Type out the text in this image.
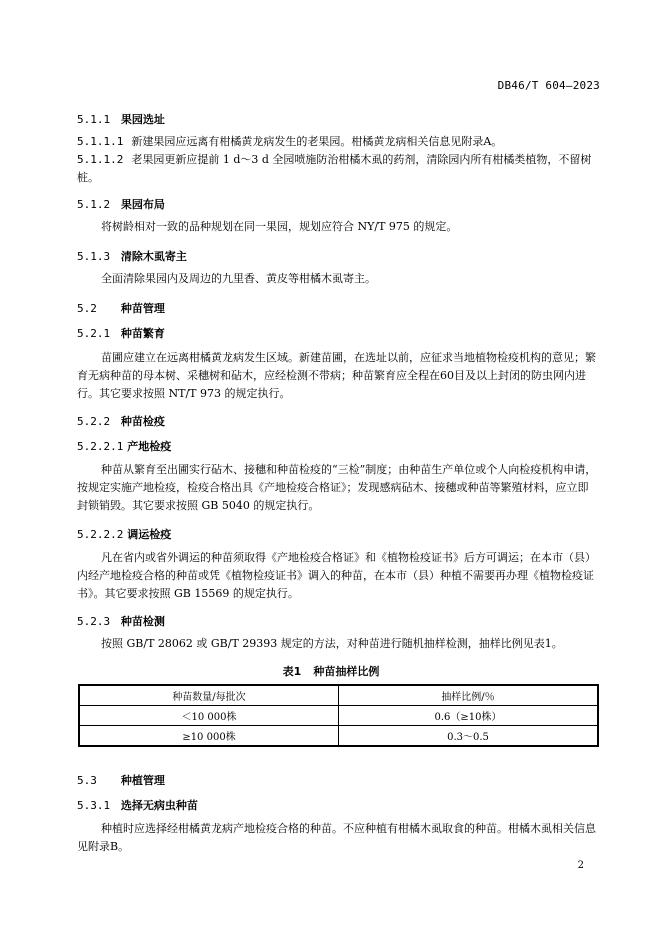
DB46/T 604—2023
5.1.1 果园选址
5.1.1.1 新建果园应远离有柑橘黄龙病发生的老果园。柑橘黄龙病相关信息见附录A。
5.1.1.2 老果园更新应提前 1 d～3 d 全园喷施防治柑橘木虱的药剂，清除园内所有柑橘类植物，不留树桩。
5.1.2 果园布局
将树龄相对一致的品种规划在同一果园，规划应符合 NY/T 975 的规定。
5.1.3 清除木虱寄主
全面清除果园内及周边的九里香、黄皮等柑橘木虱寄主。
5.2 种苗管理
5.2.1 种苗繁育
苗圃应建立在远离柑橘黄龙病发生区域。新建苗圃，在选址以前，应征求当地植物检疫机构的意见；繁育无病种苗的母本树、采穗树和砧木，应经检测不带病；种苗繁育应全程在60目及以上封闭的防虫网内进行。其它要求按照 NT/T 973 的规定执行。
5.2.2 种苗检疫
5.2.2.1 产地检疫
种苗从繁育至出圃实行砧木、接穗和种苗检疫的“三检”制度；由种苗生产单位或个人向检疫机构申请，按规定实施产地检疫，检疫合格出具《产地检疫合格证》；发现感病砧木、接穗或种苗等繁殖材料，应立即封锁销毁。其它要求按照 GB 5040 的规定执行。
5.2.2.2 调运检疫
凡在省内或省外调运的种苗须取得《产地检疫合格证》和《植物检疫证书》后方可调运；在本市（县）内经产地检疫合格的种苗或凭《植物检疫证书》调入的种苗，在本市（县）种植不需要再办理《植物检疫证书》。其它要求按照 GB 15569 的规定执行。
5.2.3 种苗检测
按照 GB/T 28062 或 GB/T 29393 规定的方法，对种苗进行随机抽样检测，抽样比例见表1。
表1 种苗抽样比例
种苗数量/每批次	抽样比例/％
＜10 000株	0.6（≥10株）
≥10 000株	0.3～0.5
5.3 种植管理
5.3.1 选择无病虫种苗
种植时应选择经柑橘黄龙病产地检疫合格的种苗。不应种植有柑橘木虱取食的种苗。柑橘木虱相关信息见附录B。
2
